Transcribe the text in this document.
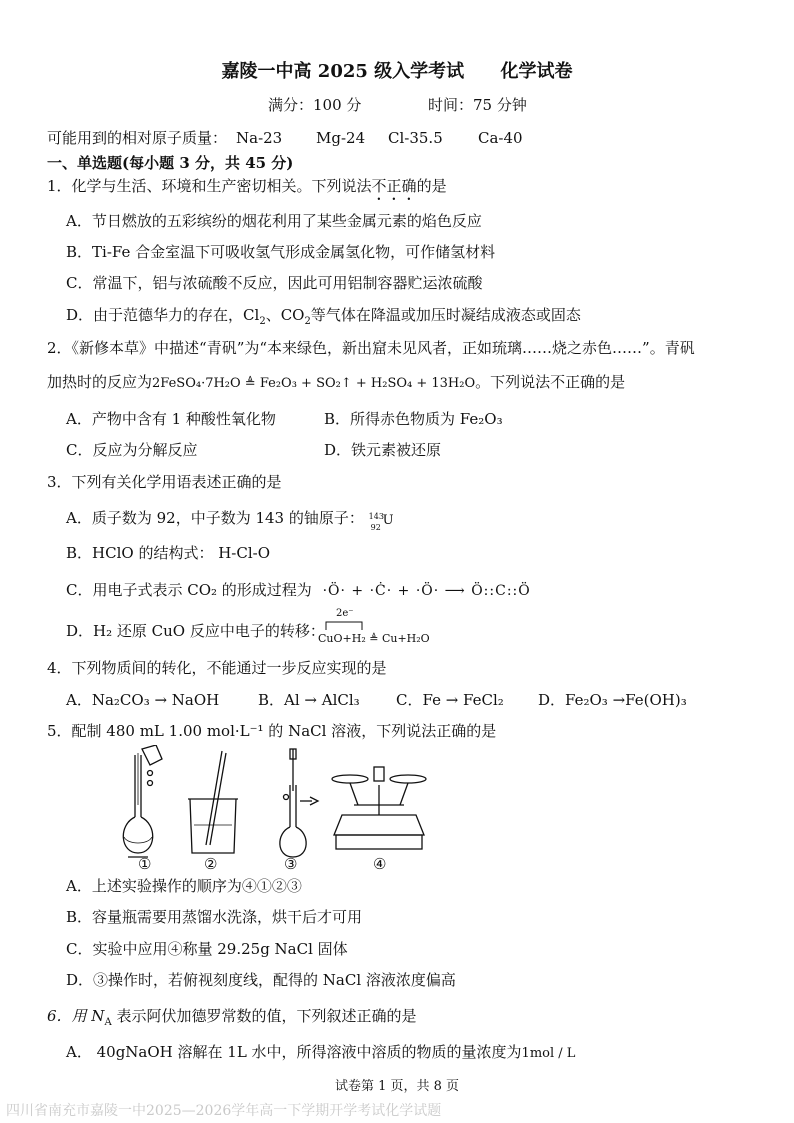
嘉陵一中高 2025 级入学考试 化学试卷
满分：100 分	时间：75 分钟
可能用到的相对原子质量： Na-23 Mg-24 Cl-35.5 Ca-40
一、单选题(每小题 3 分，共 45 分)
1．化学与生活、环境和生产密切相关。下列说法不正确的是
A．节日燃放的五彩缤纷的烟花利用了某些金属元素的焰色反应
B．Ti-Fe 合金室温下可吸收氢气形成金属氢化物，可作储氢材料
C．常温下，铝与浓硫酸不反应，因此可用铝制容器贮运浓硫酸
D．由于范德华力的存在，$Cl_2$、$CO_2$等气体在降温或加压时凝结成液态或固态
2．《新修本草》中描述“青矾”为“本来绿色，新出窟未见风者，正如琉璃……烧之赤色……”。青矾
加热时的反应为2FeSO₄·7H₂O ≜ Fe₂O₃ + SO₂↑ + H₂SO₄ + 13H₂O。下列说法不正确的是
A．产物中含有 1 种酸性氧化物	B．所得赤色物质为 Fe₂O₃
C．反应为分解反应	D．铁元素被还原
3．下列有关化学用语表述正确的是
A．质子数为 92，中子数为 143 的铀原子： 143
92 U
B．HClO 的结构式： H-Cl-O
C．用电子式表示 CO₂ 的形成过程为 ·Ö· + ·Ċ· + ·Ö· ⟶ Ö::C::Ö
D．H₂ 还原 CuO 反应中电子的转移：
2e⁻
CuO+H₂ ≜ Cu+H₂O
4．下列物质间的转化，不能通过一步反应实现的是
A．Na₂CO₃ → NaOH	B．Al → AlCl₃ C．Fe → FeCl₂ D．Fe₂O₃ →Fe(OH)₃
5．配制 480 mL 1.00 mol·L⁻¹ 的 NaCl 溶液，下列说法正确的是
①	②	③	④
A．上述实验操作的顺序为④①②③
B．容量瓶需要用蒸馏水洗涤，烘干后才可用
C．实验中应用④称量 29.25g NaCl 固体
D．③操作时，若俯视刻度线，配得的 NaCl 溶液浓度偏高
6．用 $N_A$ 表示阿伏加德罗常数的值，下列叙述正确的是
A． 40gNaOH 溶解在 1L 水中，所得溶液中溶质的物质的量浓度为1mol / L
试卷第 1 页，共 8 页
四川省南充市嘉陵一中2025—2026学年高一下学期开学考试化学试题
